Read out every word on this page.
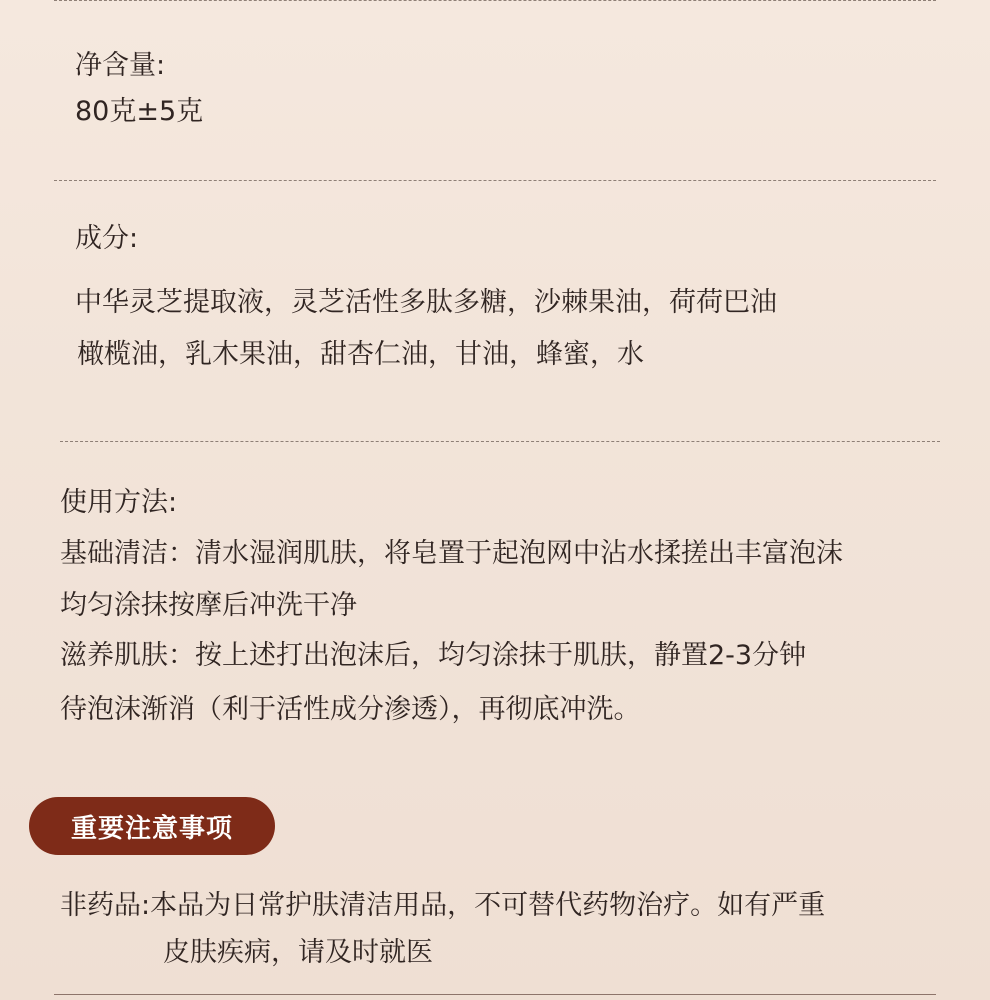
净含量:
80克±5克
成分:
中华灵芝提取液，灵芝活性多肽多糖，沙棘果油，荷荷巴油
橄榄油，乳木果油，甜杏仁油，甘油，蜂蜜，水
使用方法:
基础清洁：清水湿润肌肤，将皂置于起泡网中沾水揉搓出丰富泡沫
均匀涂抹按摩后冲洗干净
滋养肌肤：按上述打出泡沫后，均匀涂抹于肌肤，静置2-3分钟
待泡沫渐消（利于活性成分渗透），再彻底冲洗。
重要注意事项
非药品:本品为日常护肤清洁用品，不可替代药物治疗。如有严重
皮肤疾病，请及时就医
